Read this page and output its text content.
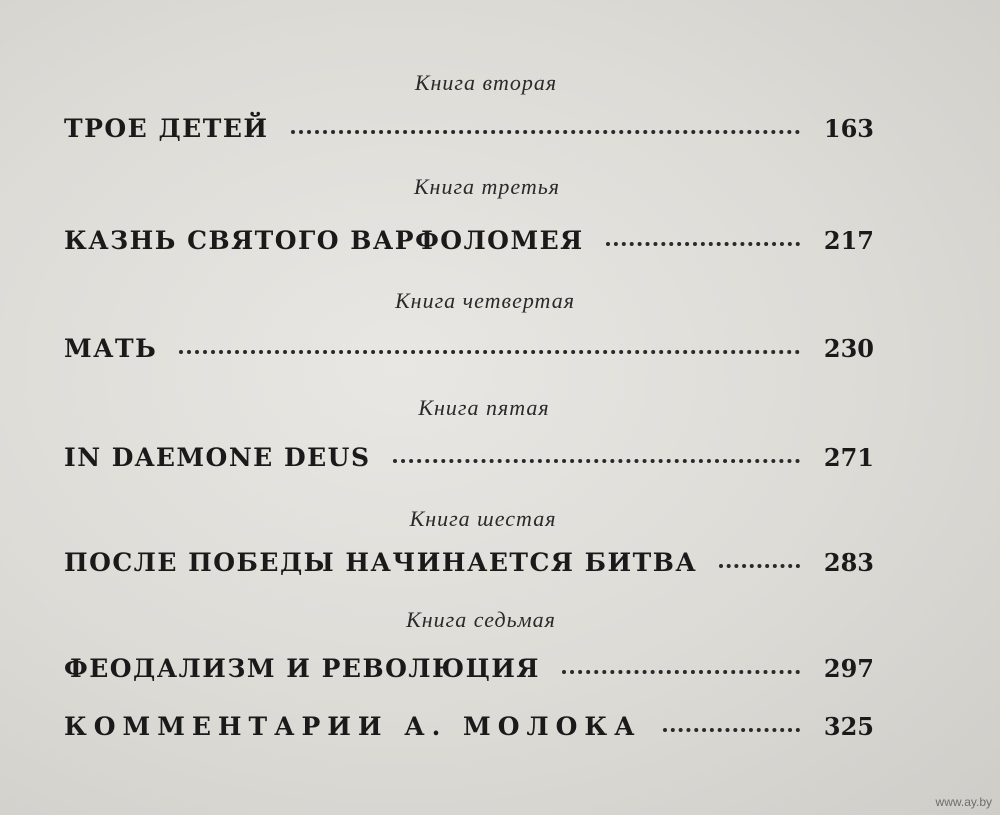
Книга вторая
ТРОЕ ДЕТЕЙ	163
Книга третья
КАЗНЬ СВЯТОГО ВАРФОЛОМЕЯ	217
Книга четвертая
МАТЬ	230
Книга пятая
IN DAEMONE DEUS	271
Книга шестая
ПОСЛЕ ПОБЕДЫ НАЧИНАЕТСЯ БИТВА	283
Книга седьмая
ФЕОДАЛИЗМ И РЕВОЛЮЦИЯ	297
КОММЕНТАРИИ А. МОЛОКА	325
www.ay.by
